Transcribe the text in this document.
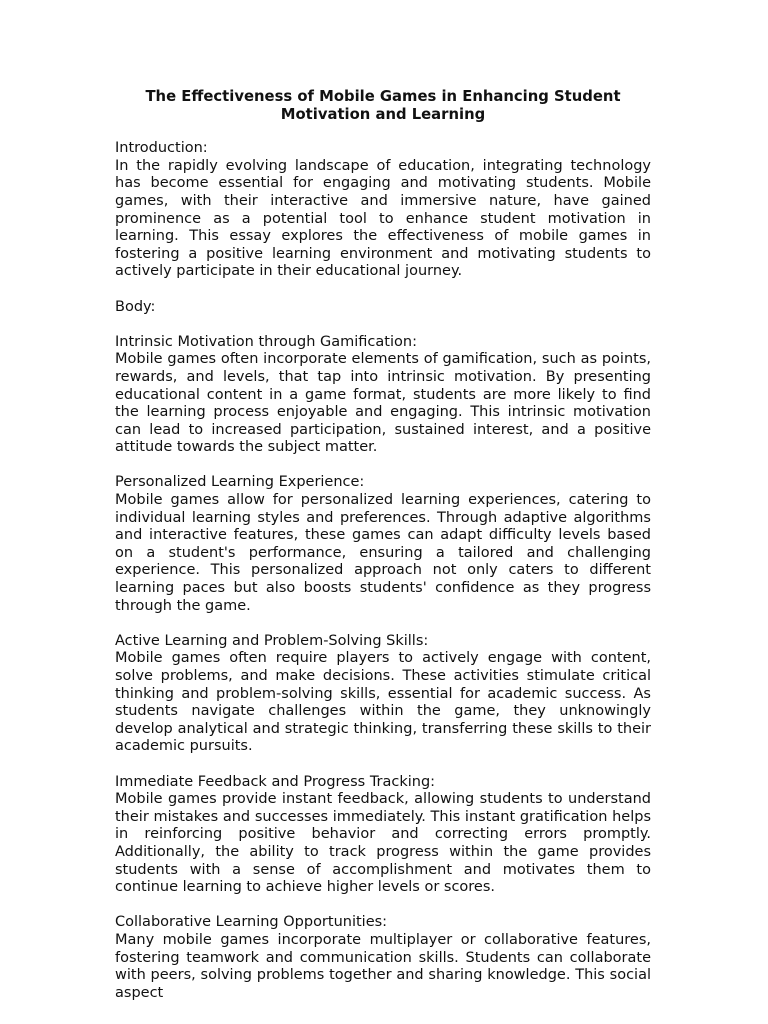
The Effectiveness of Mobile Games in Enhancing Student Motivation and Learning
Introduction:
In the rapidly evolving landscape of education, integrating technology has become essential for engaging and motivating students. Mobile games, with their interactive and immersive nature, have gained prominence as a potential tool to enhance student motivation in learning. This essay explores the effectiveness of mobile games in fostering a positive learning environment and motivating students to actively participate in their educational journey.
Body:
Intrinsic Motivation through Gamification:
Mobile games often incorporate elements of gamification, such as points, rewards, and levels, that tap into intrinsic motivation. By presenting educational content in a game format, students are more likely to find the learning process enjoyable and engaging. This intrinsic motivation can lead to increased participation, sustained interest, and a positive attitude towards the subject matter.
Personalized Learning Experience:
Mobile games allow for personalized learning experiences, catering to individual learning styles and preferences. Through adaptive algorithms and interactive features, these games can adapt difficulty levels based on a student's performance, ensuring a tailored and challenging experience. This personalized approach not only caters to different learning paces but also boosts students' confidence as they progress through the game.
Active Learning and Problem-Solving Skills:
Mobile games often require players to actively engage with content, solve problems, and make decisions. These activities stimulate critical thinking and problem-solving skills, essential for academic success. As students navigate challenges within the game, they unknowingly develop analytical and strategic thinking, transferring these skills to their academic pursuits.
Immediate Feedback and Progress Tracking:
Mobile games provide instant feedback, allowing students to understand their mistakes and successes immediately. This instant gratification helps in reinforcing positive behavior and correcting errors promptly. Additionally, the ability to track progress within the game provides students with a sense of accomplishment and motivates them to continue learning to achieve higher levels or scores.
Collaborative Learning Opportunities:
Many mobile games incorporate multiplayer or collaborative features, fostering teamwork and communication skills. Students can collaborate with peers, solving problems together and sharing knowledge. This social aspect
